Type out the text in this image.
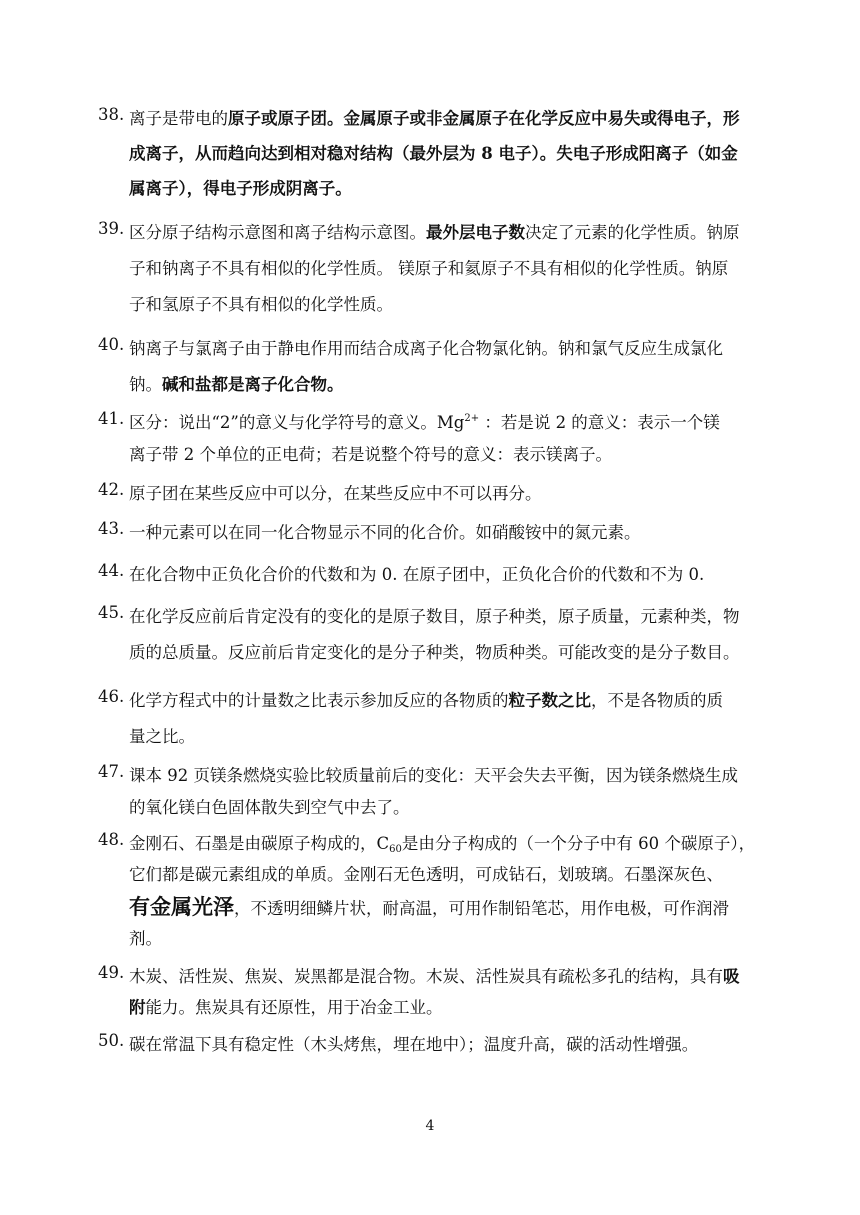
38. 离子是带电的原子或原子团。金属原子或非金属原子在化学反应中易失或得电子，形
成离子，从而趋向达到相对稳对结构（最外层为 8 电子）。失电子形成阳离子（如金
属离子），得电子形成阴离子。
39. 区分原子结构示意图和离子结构示意图。最外层电子数决定了元素的化学性质。钠原
子和钠离子不具有相似的化学性质。 镁原子和氦原子不具有相似的化学性质。钠原
子和氢原子不具有相似的化学性质。
40. 钠离子与氯离子由于静电作用而结合成离子化合物氯化钠。钠和氯气反应生成氯化
钠。碱和盐都是离子化合物。
41. 区分：说出“2”的意义与化学符号的意义。$Mg^{2+}$ ：若是说 2 的意义：表示一个镁
离子带 2 个单位的正电荷；若是说整个符号的意义：表示镁离子。
42. 原子团在某些反应中可以分，在某些反应中不可以再分。
43. 一种元素可以在同一化合物显示不同的化合价。如硝酸铵中的氮元素。
44. 在化合物中正负化合价的代数和为 0. 在原子团中，正负化合价的代数和不为 0.
45. 在化学反应前后肯定没有的变化的是原子数目，原子种类，原子质量，元素种类，物
质的总质量。反应前后肯定变化的是分子种类，物质种类。可能改变的是分子数目。
46. 化学方程式中的计量数之比表示参加反应的各物质的粒子数之比，不是各物质的质
量之比。
47. 课本 92 页镁条燃烧实验比较质量前后的变化：天平会失去平衡，因为镁条燃烧生成
的氧化镁白色固体散失到空气中去了。
48. 金刚石、石墨是由碳原子构成的，$C_{60}$是由分子构成的（一个分子中有 60 个碳原子），
它们都是碳元素组成的单质。金刚石无色透明，可成钻石，划玻璃。石墨深灰色、
有金属光泽，不透明细鳞片状，耐高温，可用作制铅笔芯，用作电极，可作润滑
剂。
49. 木炭、活性炭、焦炭、炭黑都是混合物。木炭、活性炭具有疏松多孔的结构，具有吸
附能力。焦炭具有还原性，用于冶金工业。
50. 碳在常温下具有稳定性（木头烤焦，埋在地中）；温度升高，碳的活动性增强。
4
